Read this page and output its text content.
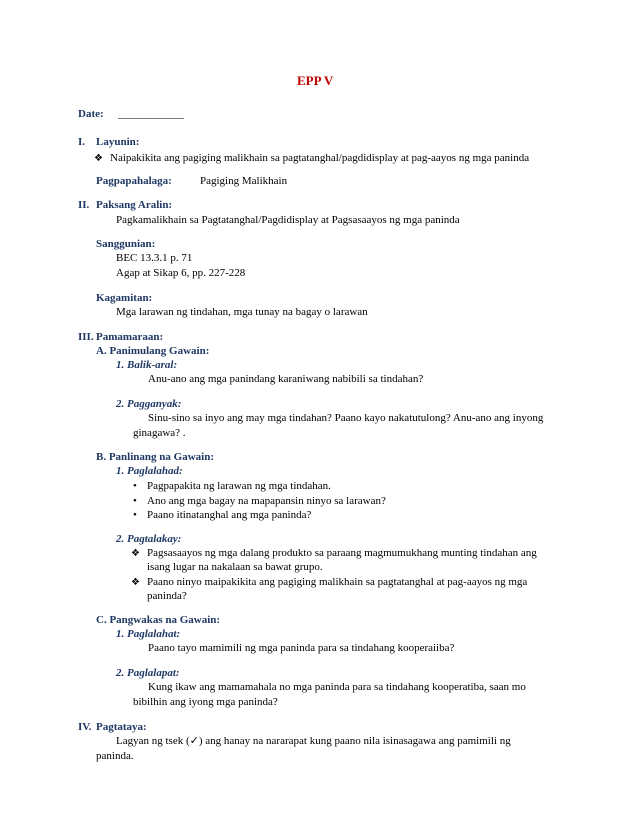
EPP V
Date: ____________
I. Layunin:
❖ Naipakikita ang pagiging malikhain sa pagtatanghal/pagdidisplay at pag-aayos ng mga paninda
Pagpapahalaga:	Pagiging Malikhain
II. Paksang Aralin:
Pagkamalikhain sa Pagtatanghal/Pagdidisplay at Pagsasaayos ng mga paninda
Sanggunian:
BEC 13.3.1 p. 71
Agap at Sikap 6, pp. 227-228
Kagamitan:
Mga larawan ng tindahan, mga tunay na bagay o larawan
III. Pamamaraan:
A. Panimulang Gawain:
1. Balik-aral:
Anu-ano ang mga panindang karaniwang nabibili sa tindahan?
2. Pagganyak:
Sinu-sino sa inyo ang may mga tindahan? Paano kayo nakatutulong? Anu-ano ang inyong
ginagawa? .
B. Panlinang na Gawain:
1. Paglalahad:
• Pagpapakita ng larawan ng mga tindahan.
• Ano ang mga bagay na mapapansin ninyo sa larawan?
• Paano itinatanghal ang mga paninda?
2. Pagtalakay:
❖ Pagsasaayos ng mga dalang produkto sa paraang magmumukhang munting tindahan ang
isang lugar na nakalaan sa bawat grupo.
❖ Paano ninyo maipakikita ang pagiging malikhain sa pagtatanghal at pag-aayos ng mga
paninda?
C. Pangwakas na Gawain:
1. Paglalahat:
Paano tayo mamimili ng mga paninda para sa tindahang kooperaiiba?
2. Paglalapat:
Kung ikaw ang mamamahala no mga paninda para sa tindahang kooperatiba, saan mo
bibilhin ang iyong mga paninda?
IV. Pagtataya:
Lagyan ng tsek (✓) ang hanay na nararapat kung paano nila isinasagawa ang pamimili ng
paninda.
